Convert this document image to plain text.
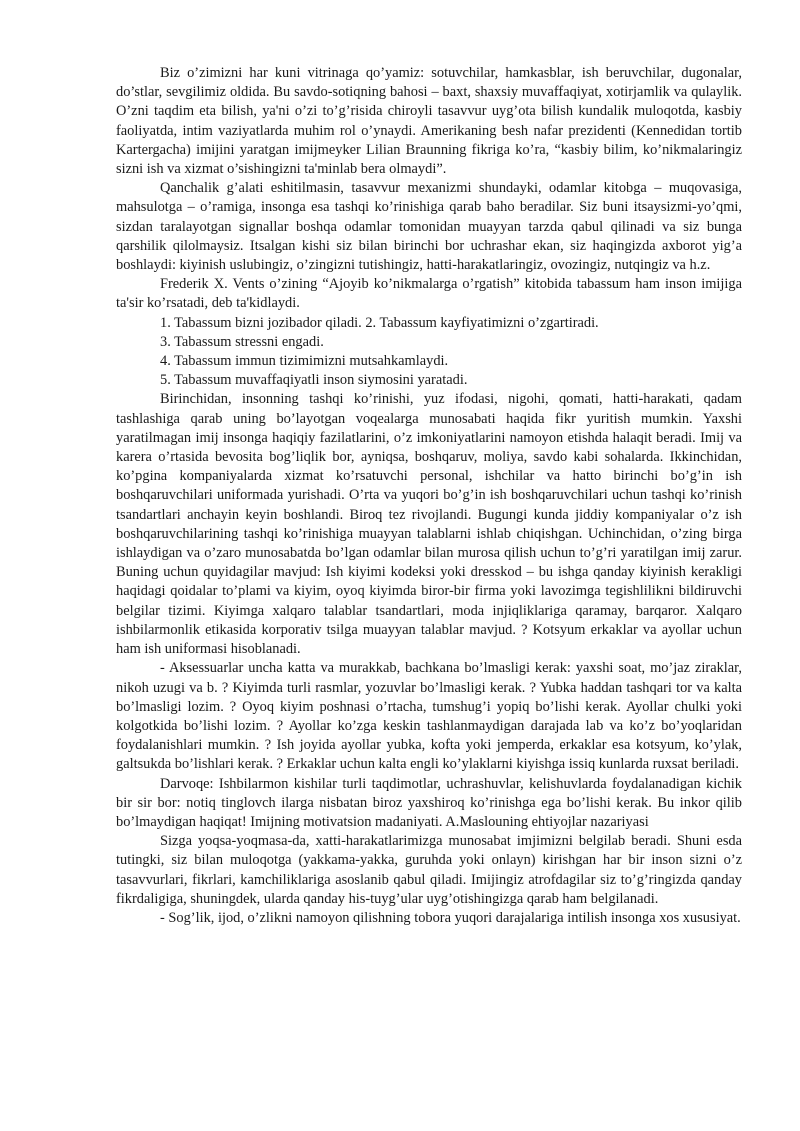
Biz o’zimizni har kuni vitrinaga qo’yamiz: sotuvchilar, hamkasblar, ish beruvchilar, dugonalar, do’stlar, sevgilimiz oldida. Bu savdo-sotiqning bahosi – baxt, shaxsiy muvaffaqiyat, xotirjamlik va qulaylik. O’zni taqdim eta bilish, ya'ni o’zi to’g’risida chiroyli tasavvur uyg’ota bilish kundalik muloqotda, kasbiy faoliyatda, intim vaziyatlarda muhim rol o’ynaydi. Amerikaning besh nafar prezidenti (Kennedidan tortib Kartergacha) imijini yaratgan imijmeyker Lilian Braunning fikriga ko’ra, “kasbiy bilim, ko’nikmalaringiz sizni ish va xizmat o’sishingizni ta'minlab bera olmaydi”.

Qanchalik g’alati eshitilmasin, tasavvur mexanizmi shundayki, odamlar kitobga – muqovasiga, mahsulotga – o’ramiga, insonga esa tashqi ko’rinishiga qarab baho beradilar. Siz buni itsaysizmi-yo’qmi, sizdan taralayotgan signallar boshqa odamlar tomonidan muayyan tarzda qabul qilinadi va siz bunga qarshilik qilolmaysiz. Itsalgan kishi siz bilan birinchi bor uchrashar ekan, siz haqingizda axborot yig’a boshlaydi: kiyinish uslubingiz, o’zingizni tutishingiz, hatti-harakatlaringiz, ovozingiz, nutqingiz va h.z.

Frederik X. Vents o’zining “Ajoyib ko’nikmalarga o’rgatish” kitobida tabassum ham inson imijiga ta'sir ko’rsatadi, deb ta'kidlaydi.

1. Tabassum bizni jozibador qiladi. 2. Tabassum kayfiyatimizni o’zgartiradi.

3. Tabassum stressni engadi.

4. Tabassum immun tizimimizni mutsahkamlaydi.

5. Tabassum muvaffaqiyatli inson siymosini yaratadi.

Birinchidan, insonning tashqi ko’rinishi, yuz ifodasi, nigohi, qomati, hatti-harakati, qadam tashlashiga qarab uning bo’layotgan voqealarga munosabati haqida fikr yuritish mumkin. Yaxshi yaratilmagan imij insonga haqiqiy fazilatlarini, o’z imkoniyatlarini namoyon etishda halaqit beradi. Imij va karera o’rtasida bevosita bog’liqlik bor, ayniqsa, boshqaruv, moliya, savdo kabi sohalarda. Ikkinchidan, ko’pgina kompaniyalarda xizmat ko’rsatuvchi personal, ishchilar va hatto birinchi bo’g’in ish boshqaruvchilari uniformada yurishadi. O’rta va yuqori bo’g’in ish boshqaruvchilari uchun tashqi ko’rinish tsandartlari anchayin keyin boshlandi. Biroq tez rivojlandi. Bugungi kunda jiddiy kompaniyalar o’z ish boshqaruvchilarining tashqi ko’rinishiga muayyan talablarni ishlab chiqishgan. Uchinchidan, o’zing birga ishlaydigan va o’zaro munosabatda bo’lgan odamlar bilan murosa qilish uchun to’g’ri yaratilgan imij zarur. Buning uchun quyidagilar mavjud: Ish kiyimi kodeksi yoki dresskod – bu ishga qanday kiyinish kerakligi haqidagi qoidalar to’plami va kiyim, oyoq kiyimda biror-bir firma yoki lavozimga tegishlilikni bildiruvchi belgilar tizimi. Kiyimga xalqaro talablar tsandartlari, moda injiqliklariga qaramay, barqaror. Xalqaro ishbilarmonlik etikasida korporativ tsilga muayyan talablar mavjud. ? Kotsyum erkaklar va ayollar uchun ham ish uniformasi hisoblanadi.

- Aksessuarlar uncha katta va murakkab, bachkana bo’lmasligi kerak: yaxshi soat, mo’jaz ziraklar, nikoh uzugi va b. ? Kiyimda turli rasmlar, yozuvlar bo’lmasligi kerak. ? Yubka haddan tashqari tor va kalta bo’lmasligi lozim. ? Oyoq kiyim poshnasi o’rtacha, tumshug’i yopiq bo’lishi kerak. Ayollar chulki yoki kolgotkida bo’lishi lozim. ? Ayollar ko’zga keskin tashlanmaydigan darajada lab va ko’z bo’yoqlaridan foydalanishlari mumkin. ? Ish joyida ayollar yubka, kofta yoki jemperda, erkaklar esa kotsyum, ko’ylak, galtsukda bo’lishlari kerak. ? Erkaklar uchun kalta engli ko’ylaklarni kiyishga issiq kunlarda ruxsat beriladi.

Darvoqe: Ishbilarmon kishilar turli taqdimotlar, uchrashuvlar, kelishuvlarda foydalanadigan kichik bir sir bor: notiq tinglovch ilarga nisbatan biroz yaxshiroq ko’rinishga ega bo’lishi kerak. Bu inkor qilib bo’lmaydigan haqiqat! Imijning motivatsion madaniyati. A.Maslouning ehtiyojlar nazariyasi

Sizga yoqsa-yoqmasa-da, xatti-harakatlarimizga munosabat imjimizni belgilab beradi. Shuni esda tutingki, siz bilan muloqotga (yakkama-yakka, guruhda yoki onlayn) kirishgan har bir inson sizni o’z tasavvurlari, fikrlari, kamchiliklariga asoslanib qabul qiladi. Imijingiz atrofdagilar siz to’g’ringizda qanday fikrdaligiga, shuningdek, ularda qanday his-tuyg’ular uyg’otishingizga qarab ham belgilanadi.

- Sog’lik, ijod, o’zlikni namoyon qilishning tobora yuqori darajalariga intilish insonga xos xususiyat.
